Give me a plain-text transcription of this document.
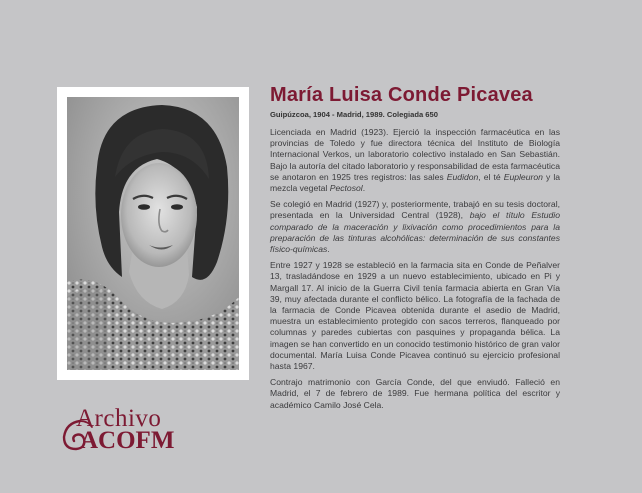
María Luisa Conde Picavea
Guipúzcoa, 1904 - Madrid, 1989. Colegiada 650

Licenciada en Madrid (1923). Ejerció la inspección farmacéutica en las provincias de Toledo y fue directora técnica del Instituto de Biología Internacional Verkos, un laboratorio colectivo instalado en San Sebastián. Bajo la autoría del citado laboratorio y responsabilidad de esta farmacéutica se anotaron en 1925 tres registros: las sales Eudidon, el té Eupleuron y la mezcla vegetal Pectosol.

Se colegió en Madrid (1927) y, posteriormente, trabajó en su tesis doctoral, presentada en la Universidad Central (1928), bajo el título Estudio comparado de la maceración y lixivación como procedimientos para la preparación de las tinturas alcohólicas: determinación de sus constantes físico-químicas.

Entre 1927 y 1928 se estableció en la farmacia sita en Conde de Peñalver 13, trasladándose en 1929 a un nuevo establecimiento, ubicado en Pi y Margall 17. Al inicio de la Guerra Civil tenía farmacia abierta en Gran Vía 39, muy afectada durante el conflicto bélico. La fotografía de la fachada de la farmacia de Conde Picavea obtenida durante el asedio de Madrid, muestra un establecimiento protegido con sacos terreros, flanqueado por columnas y paredes cubiertas con pasquines y propaganda bélica. La imagen se han convertido en un conocido testimonio histórico de gran valor documental. María Luisa Conde Picavea continuó su ejercicio profesional hasta 1967.

Contrajo matrimonio con García Conde, del que enviudó. Falleció en Madrid, el 7 de febrero de 1989. Fue hermana política del escritor y académico Camilo José Cela.

Archivo
ACOFM
